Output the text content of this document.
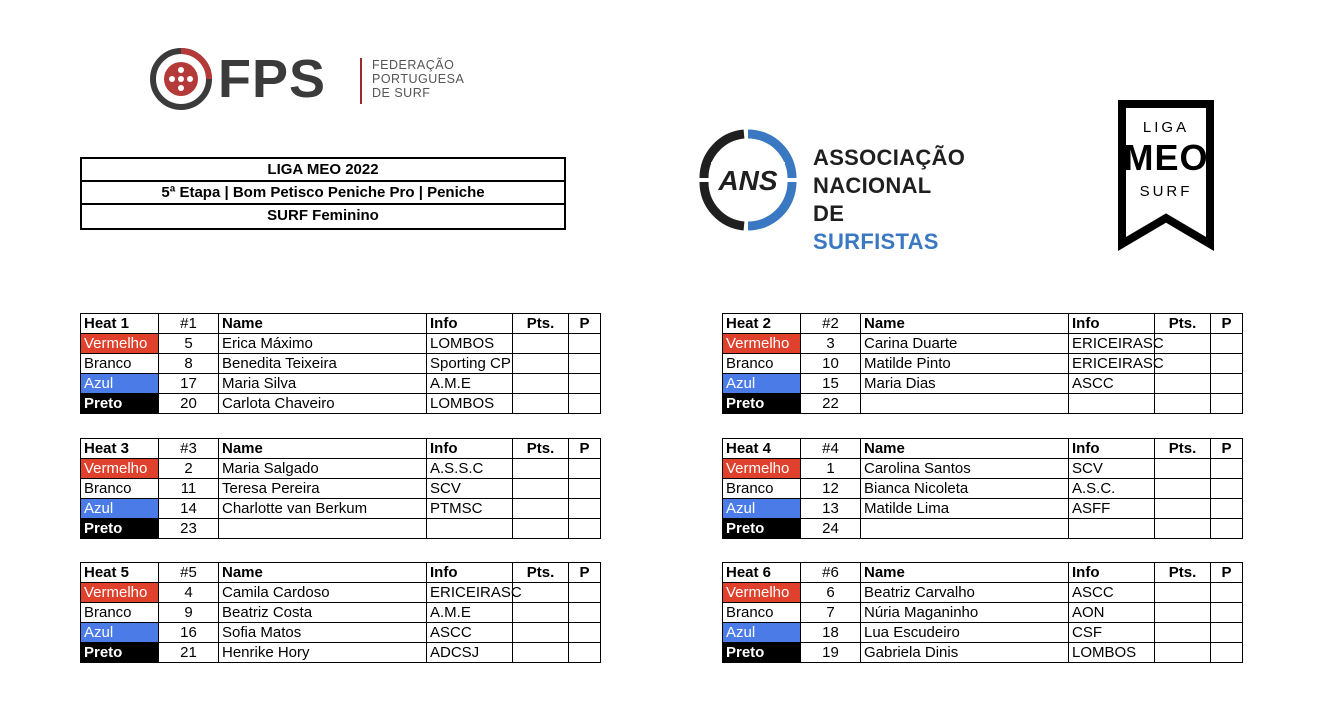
FPS	FEDERAÇÃO
PORTUGUESA
DE SURF
LIGA MEO 2022
5ª Etapa | Bom Petisco Peniche Pro | Peniche
SURF Feminino
ANS
ASSOCIAÇÃO
NACIONAL DE
SURFISTAS
LIGA
MEO
SURF
Heat 1	#1	Name	Info	Pts.	P
Vermelho	5	Erica Máximo	LOMBOS		
Branco	8	Benedita Teixeira	Sporting CP		
Azul	17	Maria Silva	A.M.E		
Preto	20	Carlota Chaveiro	LOMBOS		
Heat 2	#2	Name	Info	Pts.	P
Vermelho	3	Carina Duarte	ERICEIRASC		
Branco	10	Matilde Pinto	ERICEIRASC		
Azul	15	Maria Dias	ASCC		
Preto	22				
Heat 3	#3	Name	Info	Pts.	P
Vermelho	2	Maria Salgado	A.S.S.C		
Branco	11	Teresa Pereira	SCV		
Azul	14	Charlotte van Berkum	PTMSC		
Preto	23				
Heat 4	#4	Name	Info	Pts.	P
Vermelho	1	Carolina Santos	SCV		
Branco	12	Bianca Nicoleta	A.S.C.		
Azul	13	Matilde Lima	ASFF		
Preto	24				
Heat 5	#5	Name	Info	Pts.	P
Vermelho	4	Camila Cardoso	ERICEIRASC		
Branco	9	Beatriz Costa	A.M.E		
Azul	16	Sofia Matos	ASCC		
Preto	21	Henrike Hory	ADCSJ		
Heat 6	#6	Name	Info	Pts.	P
Vermelho	6	Beatriz Carvalho	ASCC		
Branco	7	Núria Maganinho	AON		
Azul	18	Lua Escudeiro	CSF		
Preto	19	Gabriela Dinis	LOMBOS		
